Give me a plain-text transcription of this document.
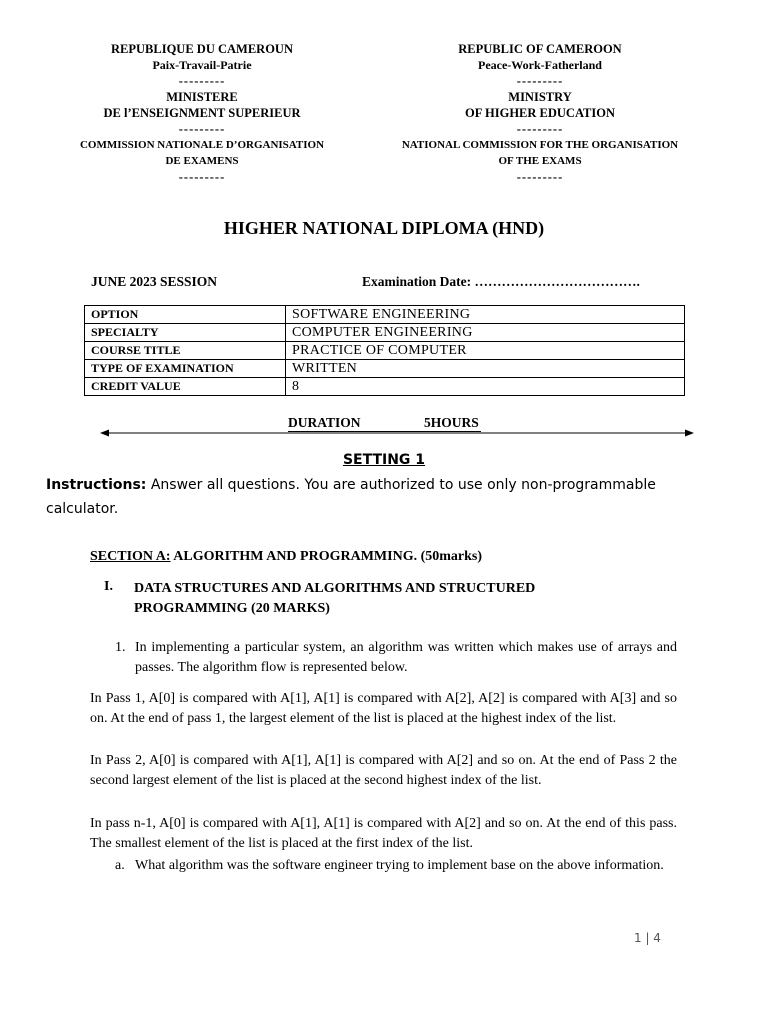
REPUBLIQUE DU CAMEROUN
Paix-Travail-Patrie
---------
MINISTERE
DE l’ENSEIGNMENT SUPERIEUR
---------
COMMISSION NATIONALE D’ORGANISATION
DE EXAMENS
---------
REPUBLIC OF CAMEROON
Peace-Work-Fatherland
---------
MINISTRY
OF HIGHER EDUCATION
---------
NATIONAL COMMISSION FOR THE ORGANISATION
OF THE EXAMS
---------
HIGHER NATIONAL DIPLOMA (HND)
JUNE 2023 SESSION	Examination Date: ……………………………….
OPTION	SOFTWARE ENGINEERING
SPECIALTY	COMPUTER ENGINEERING
COURSE TITLE	PRACTICE OF COMPUTER
TYPE OF EXAMINATION	WRITTEN
CREDIT VALUE	8
DURATION	5HOURS
SETTING 1
Instructions: Answer all questions. You are authorized to use only non-programmable calculator.
SECTION A: ALGORITHM AND PROGRAMMING. (50marks)
I. DATA STRUCTURES AND ALGORITHMS AND STRUCTURED PROGRAMMING (20 MARKS)
1. In implementing a particular system, an algorithm was written which makes use of arrays and passes. The algorithm flow is represented below.
In Pass 1, A[0] is compared with A[1], A[1] is compared with A[2], A[2] is compared with A[3] and so on. At the end of pass 1, the largest element of the list is placed at the highest index of the list.
In Pass 2, A[0] is compared with A[1], A[1] is compared with A[2] and so on. At the end of Pass 2 the second largest element of the list is placed at the second highest index of the list.
In pass n-1, A[0] is compared with A[1], A[1] is compared with A[2] and so on. At the end of this pass. The smallest element of the list is placed at the first index of the list.
a. What algorithm was the software engineer trying to implement base on the above information.
1 | 4
